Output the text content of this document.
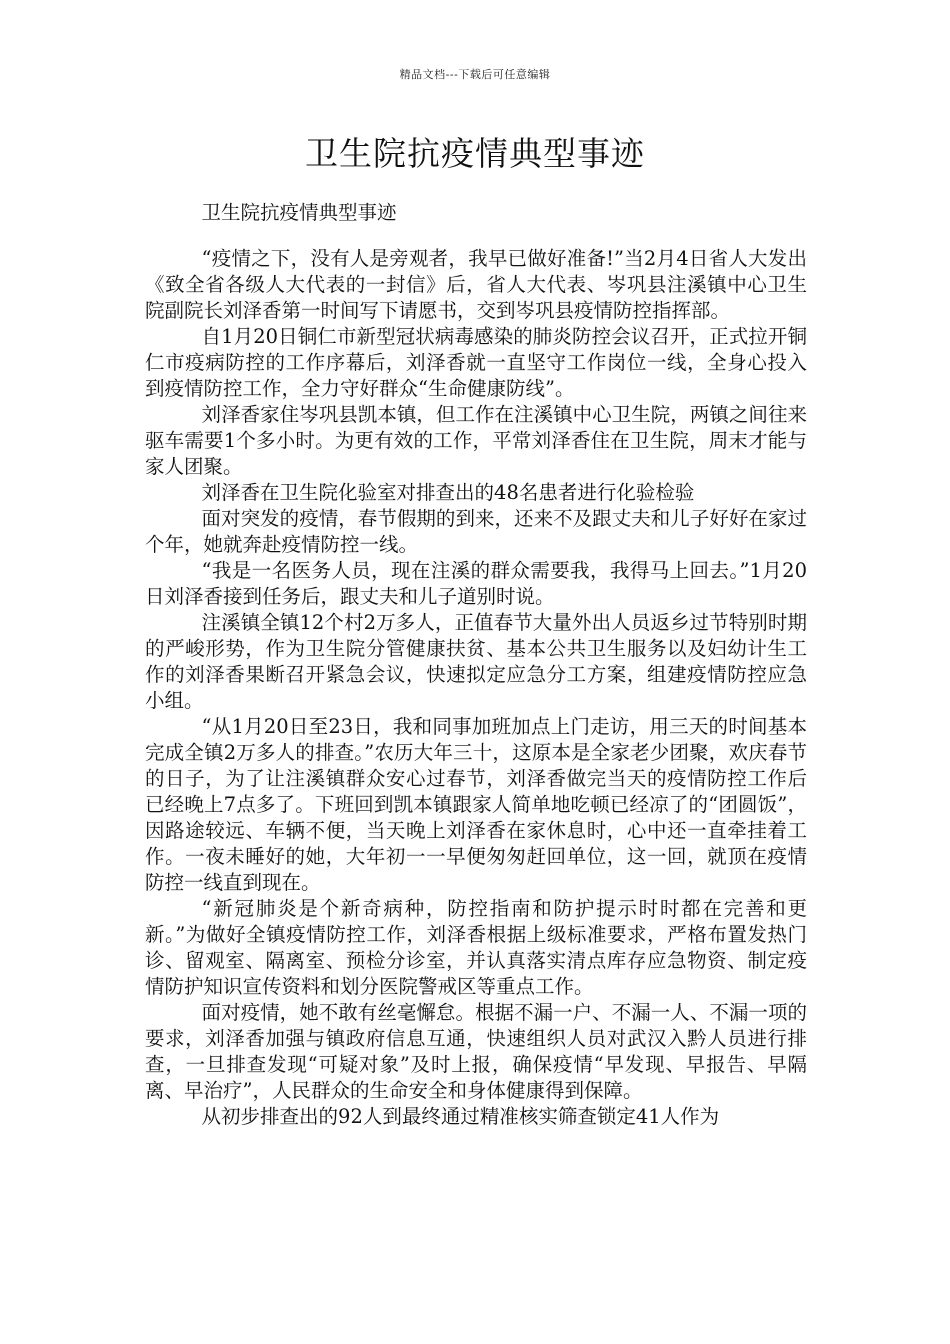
精品文档---下载后可任意编辑
卫生院抗疫情典型事迹

卫生院抗疫情典型事迹

“疫情之下，没有人是旁观者，我早已做好准备!”当2月4日省人大发出《致全省各级人大代表的一封信》后，省人大代表、岑巩县注溪镇中心卫生院副院长刘泽香第一时间写下请愿书，交到岑巩县疫情防控指挥部。

自1月20日铜仁市新型冠状病毒感染的肺炎防控会议召开，正式拉开铜仁市疫病防控的工作序幕后，刘泽香就一直坚守工作岗位一线，全身心投入到疫情防控工作，全力守好群众“生命健康防线”。

刘泽香家住岑巩县凯本镇，但工作在注溪镇中心卫生院，两镇之间往来驱车需要1个多小时。为更有效的工作，平常刘泽香住在卫生院，周末才能与家人团聚。

刘泽香在卫生院化验室对排查出的48名患者进行化验检验

面对突发的疫情，春节假期的到来，还来不及跟丈夫和儿子好好在家过个年，她就奔赴疫情防控一线。

“我是一名医务人员，现在注溪的群众需要我，我得马上回去。”1月20日刘泽香接到任务后，跟丈夫和儿子道别时说。

注溪镇全镇12个村2万多人，正值春节大量外出人员返乡过节特别时期的严峻形势，作为卫生院分管健康扶贫、基本公共卫生服务以及妇幼计生工作的刘泽香果断召开紧急会议，快速拟定应急分工方案，组建疫情防控应急小组。

“从1月20日至23日，我和同事加班加点上门走访，用三天的时间基本完成全镇2万多人的排查。”农历大年三十，这原本是全家老少团聚，欢庆春节的日子，为了让注溪镇群众安心过春节，刘泽香做完当天的疫情防控工作后已经晚上7点多了。下班回到凯本镇跟家人简单地吃顿已经凉了的“团圆饭”，因路途较远、车辆不便，当天晚上刘泽香在家休息时，心中还一直牵挂着工作。一夜未睡好的她，大年初一一早便匆匆赶回单位，这一回，就顶在疫情防控一线直到现在。

“新冠肺炎是个新奇病种，防控指南和防护提示时时都在完善和更新。”为做好全镇疫情防控工作，刘泽香根据上级标准要求，严格布置发热门诊、留观室、隔离室、预检分诊室，并认真落实清点库存应急物资、制定疫情防护知识宣传资料和划分医院警戒区等重点工作。

面对疫情，她不敢有丝毫懈怠。根据不漏一户、不漏一人、不漏一项的要求，刘泽香加强与镇政府信息互通，快速组织人员对武汉入黔人员进行排查，一旦排查发现“可疑对象”及时上报，确保疫情“早发现、早报告、早隔离、早治疗”，人民群众的生命安全和身体健康得到保障。

从初步排查出的92人到最终通过精准核实筛查锁定41人作为
